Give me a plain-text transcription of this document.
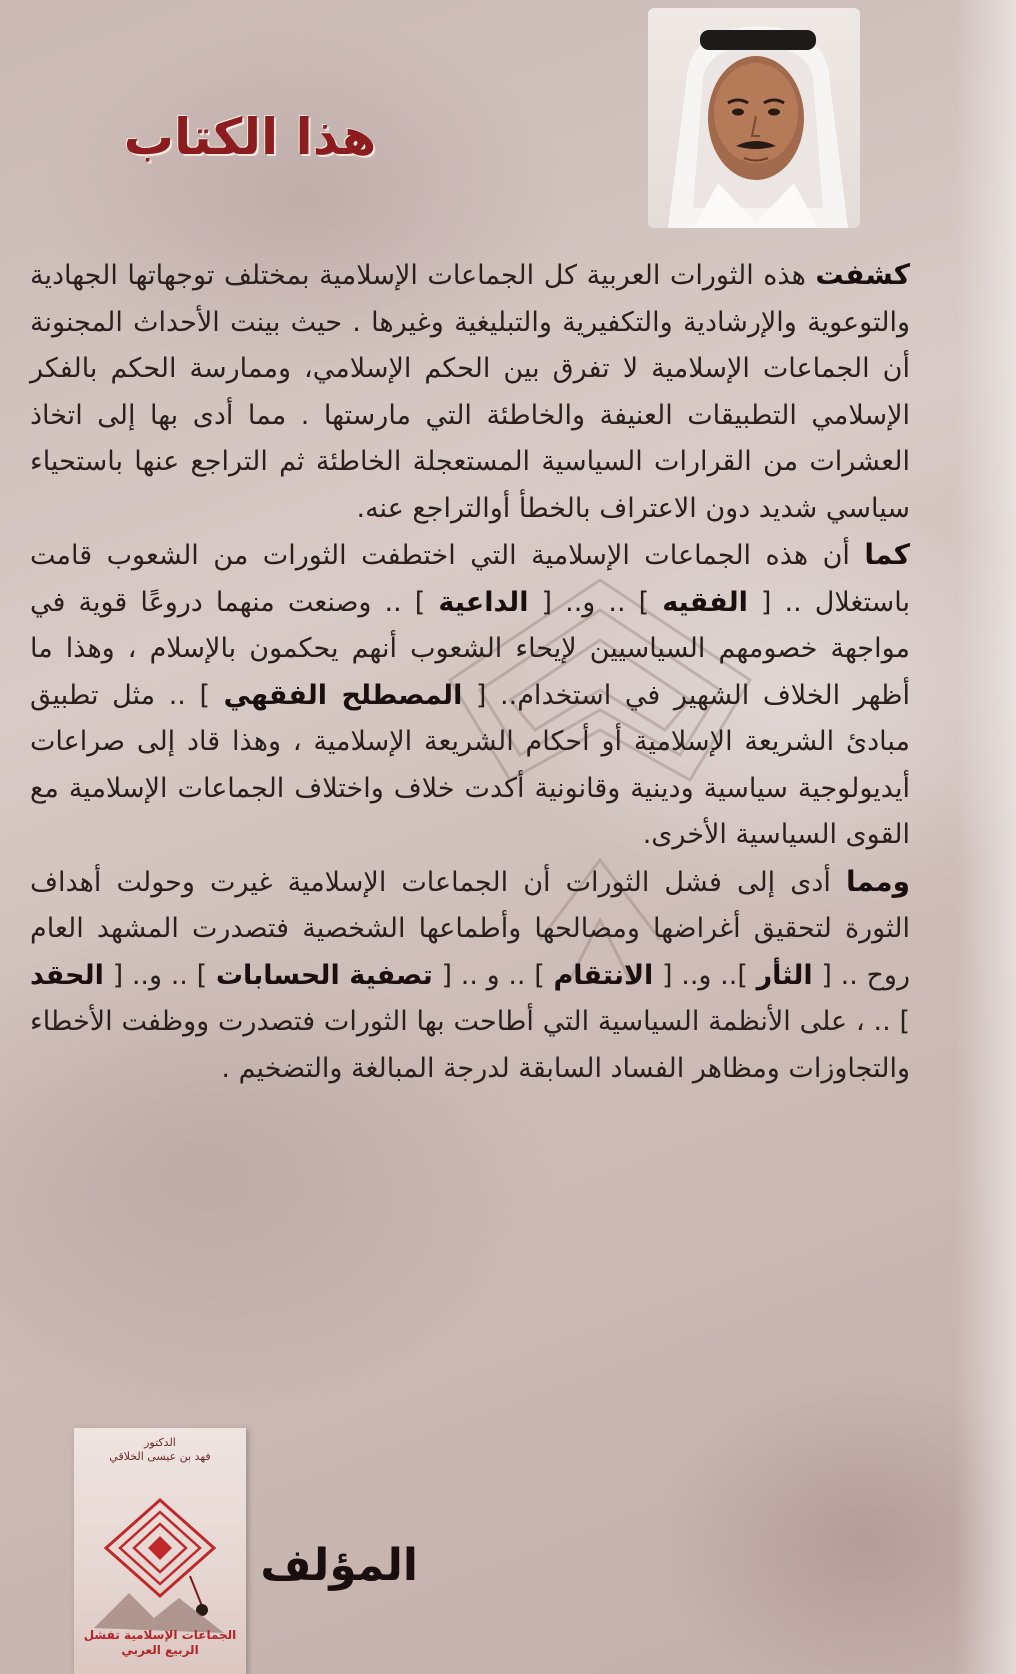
هذا الكتاب

كشفت هذه الثورات العربية كل الجماعات الإسلامية بمختلف توجهاتها الجهادية والتوعوية والإرشادية والتكفيرية والتبليغية وغيرها . حيث بينت الأحداث المجنونة أن الجماعات الإسلامية لا تفرق بين الحكم الإسلامي، وممارسة الحكم بالفكر الإسلامي التطبيقات العنيفة والخاطئة التي مارستها . مما أدى بها إلى اتخاذ العشرات من القرارات السياسية المستعجلة الخاطئة ثم التراجع عنها باستحياء سياسي شديد دون الاعتراف بالخطأ أوالتراجع عنه.

كما أن هذه الجماعات الإسلامية التي اختطفت الثورات من الشعوب قامت باستغلال .. [ الفقيه ] .. و.. [ الداعية ] .. وصنعت منهما دروعًا قوية في مواجهة خصومهم السياسيين لإيحاء الشعوب أنهم يحكمون بالإسلام ، وهذا ما أظهر الخلاف الشهير في استخدام.. [ المصطلح الفقهي ] .. مثل تطبيق مبادئ الشريعة الإسلامية أو أحكام الشريعة الإسلامية ، وهذا قاد إلى صراعات أيديولوجية سياسية ودينية وقانونية أكدت خلاف واختلاف الجماعات الإسلامية مع القوى السياسية الأخرى.

ومما أدى إلى فشل الثورات أن الجماعات الإسلامية غيرت وحولت أهداف الثورة لتحقيق أغراضها ومصالحها وأطماعها الشخصية فتصدرت المشهد العام روح .. [ الثأر ].. و.. [ الانتقام ] .. و .. [ تصفية الحسابات ] .. و.. [ الحقد ] .. ، على الأنظمة السياسية التي أطاحت بها الثورات فتصدرت ووظفت الأخطاء والتجاوزات ومظاهر الفساد السابقة لدرجة المبالغة والتضخيم .

الدكتور
فهد بن عيسى الخلاقي
الجماعات الإسلامية تفشل
الربيع العربي
المؤلف
